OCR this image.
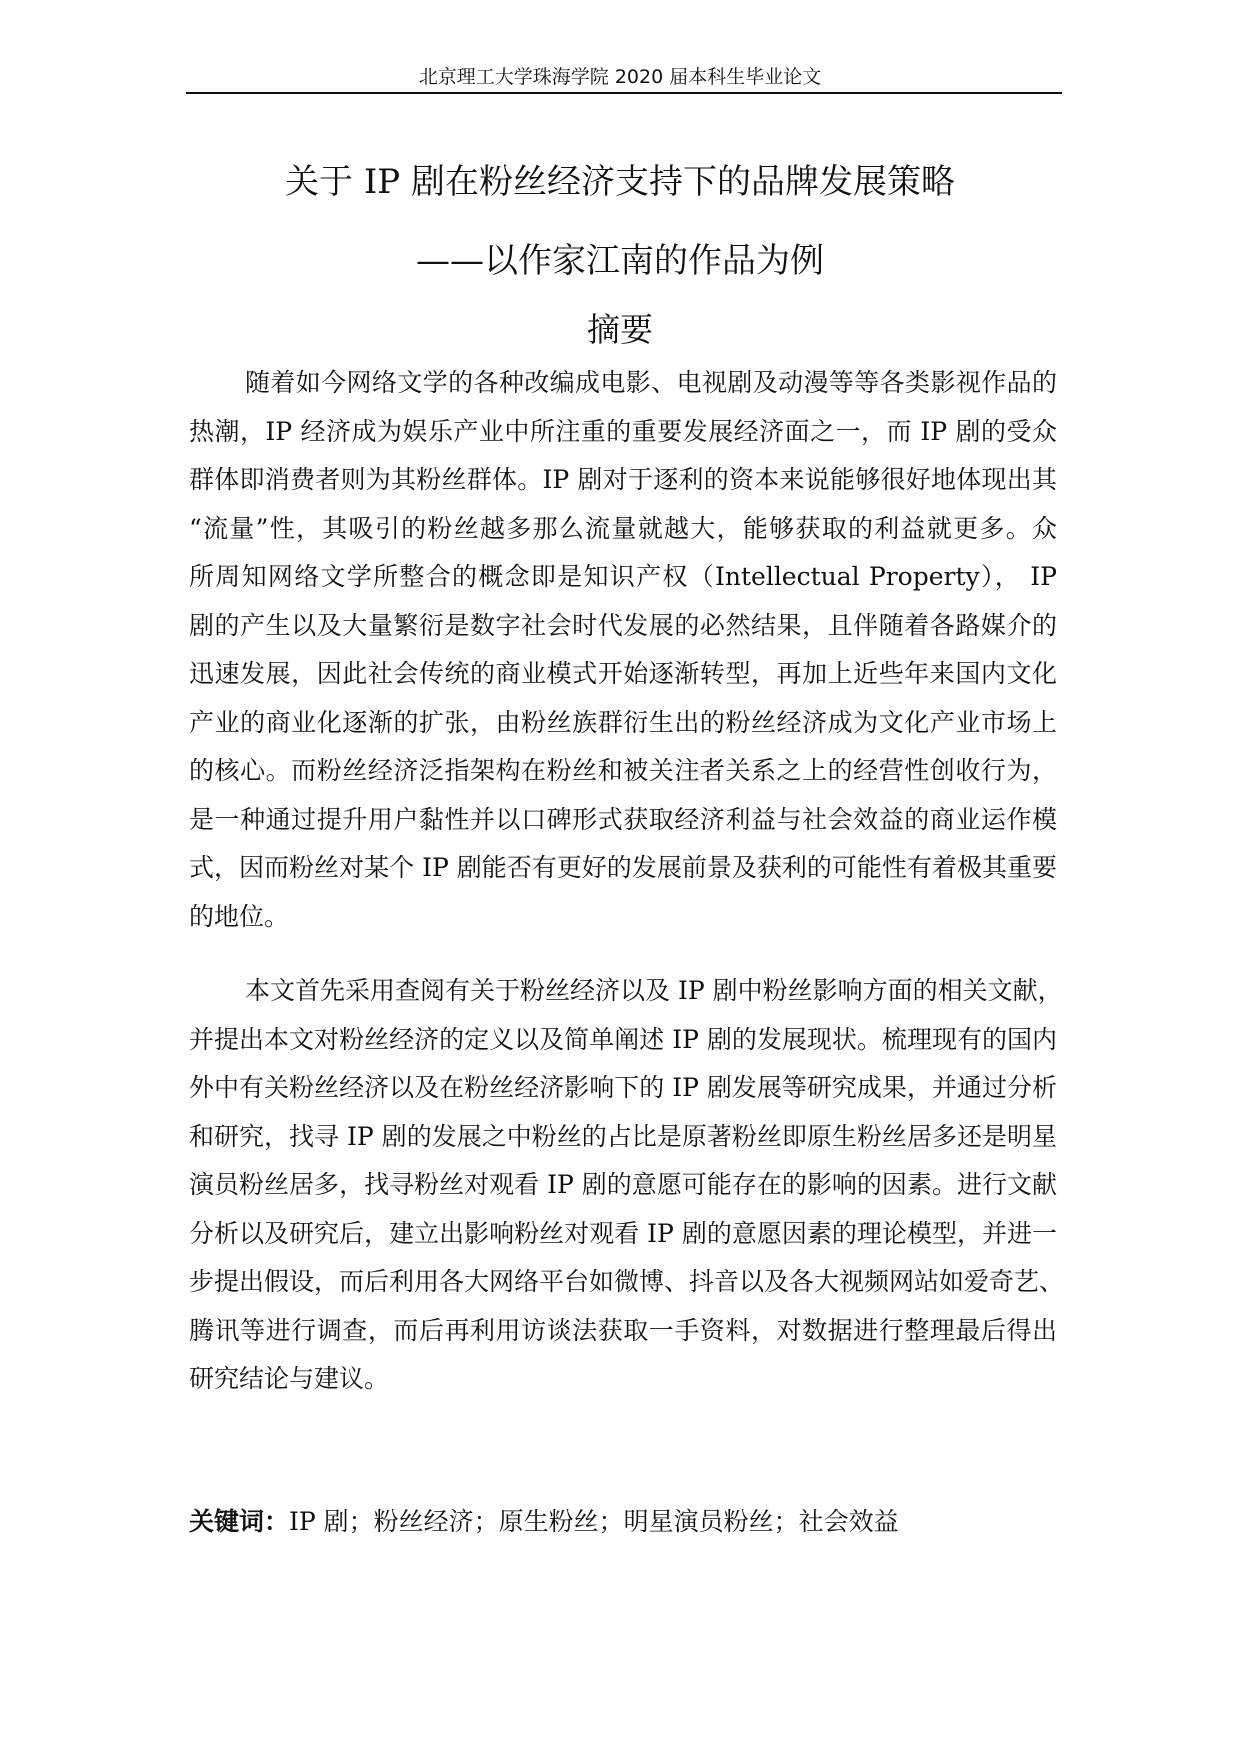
北京理工大学珠海学院 2020 届本科生毕业论文
关于 IP 剧在粉丝经济支持下的品牌发展策略
——以作家江南的作品为例
摘要
随着如今网络文学的各种改编成电影、电视剧及动漫等等各类影视作品的
热潮，IP 经济成为娱乐产业中所注重的重要发展经济面之一，而 IP 剧的受众
群体即消费者则为其粉丝群体。IP 剧对于逐利的资本来说能够很好地体现出其
“流量”性，其吸引的粉丝越多那么流量就越大，能够获取的利益就更多。众
所周知网络文学所整合的概念即是知识产权（Intellectual Property）， IP
剧的产生以及大量繁衍是数字社会时代发展的必然结果，且伴随着各路媒介的
迅速发展，因此社会传统的商业模式开始逐渐转型，再加上近些年来国内文化
产业的商业化逐渐的扩张，由粉丝族群衍生出的粉丝经济成为文化产业市场上
的核心。而粉丝经济泛指架构在粉丝和被关注者关系之上的经营性创收行为，
是一种通过提升用户黏性并以口碑形式获取经济利益与社会效益的商业运作模
式，因而粉丝对某个 IP 剧能否有更好的发展前景及获利的可能性有着极其重要
的地位。
本文首先采用查阅有关于粉丝经济以及 IP 剧中粉丝影响方面的相关文献，
并提出本文对粉丝经济的定义以及简单阐述 IP 剧的发展现状。梳理现有的国内
外中有关粉丝经济以及在粉丝经济影响下的 IP 剧发展等研究成果，并通过分析
和研究，找寻 IP 剧的发展之中粉丝的占比是原著粉丝即原生粉丝居多还是明星
演员粉丝居多，找寻粉丝对观看 IP 剧的意愿可能存在的影响的因素。进行文献
分析以及研究后，建立出影响粉丝对观看 IP 剧的意愿因素的理论模型，并进一
步提出假设，而后利用各大网络平台如微博、抖音以及各大视频网站如爱奇艺、
腾讯等进行调查，而后再利用访谈法获取一手资料，对数据进行整理最后得出
研究结论与建议。
关键词：IP 剧；粉丝经济；原生粉丝；明星演员粉丝；社会效益
